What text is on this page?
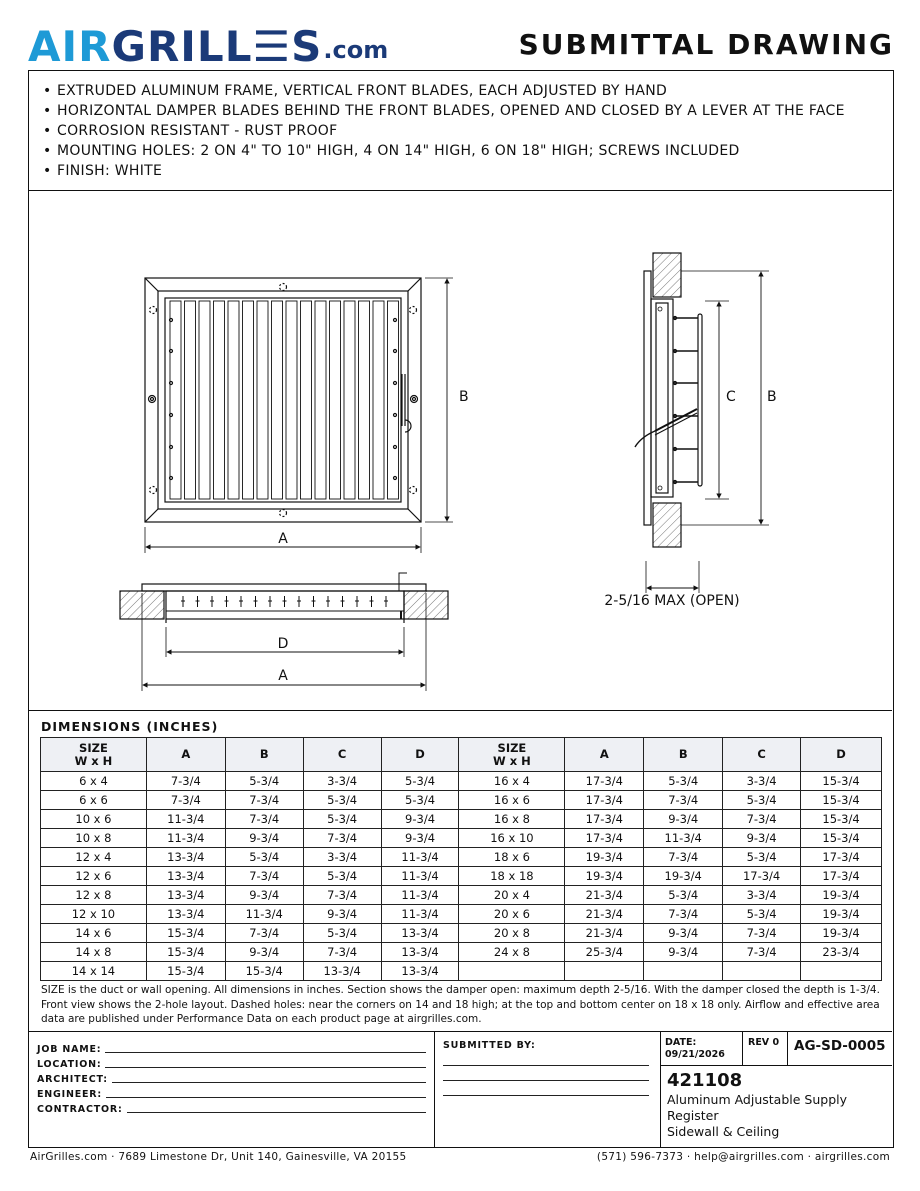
AIRGRILL☰S .com	SUBMITTAL DRAWING
• EXTRUDED ALUMINUM FRAME, VERTICAL FRONT BLADES, EACH ADJUSTED BY HAND
• HORIZONTAL DAMPER BLADES BEHIND THE FRONT BLADES, OPENED AND CLOSED BY A LEVER AT THE FACE
• CORROSION RESISTANT - RUST PROOF
• MOUNTING HOLES: 2 ON 4" TO 10" HIGH, 4 ON 14" HIGH, 6 ON 18" HIGH; SCREWS INCLUDED
• FINISH: WHITE
A
B	C B
2-5/16 MAX (OPEN)
D
A
DIMENSIONS (INCHES)
SIZE
W x H	A	B	C	D	SIZE
W x H	A	B	C	D
6 x 4	7-3/4	5-3/4	3-3/4	5-3/4	16 x 4	17-3/4	5-3/4	3-3/4	15-3/4
6 x 6	7-3/4	7-3/4	5-3/4	5-3/4	16 x 6	17-3/4	7-3/4	5-3/4	15-3/4
10 x 6	11-3/4	7-3/4	5-3/4	9-3/4	16 x 8	17-3/4	9-3/4	7-3/4	15-3/4
10 x 8	11-3/4	9-3/4	7-3/4	9-3/4	16 x 10	17-3/4	11-3/4	9-3/4	15-3/4
12 x 4	13-3/4	5-3/4	3-3/4	11-3/4	18 x 6	19-3/4	7-3/4	5-3/4	17-3/4
12 x 6	13-3/4	7-3/4	5-3/4	11-3/4	18 x 18	19-3/4	19-3/4	17-3/4	17-3/4
12 x 8	13-3/4	9-3/4	7-3/4	11-3/4	20 x 4	21-3/4	5-3/4	3-3/4	19-3/4
12 x 10	13-3/4	11-3/4	9-3/4	11-3/4	20 x 6	21-3/4	7-3/4	5-3/4	19-3/4
14 x 6	15-3/4	7-3/4	5-3/4	13-3/4	20 x 8	21-3/4	9-3/4	7-3/4	19-3/4
14 x 8	15-3/4	9-3/4	7-3/4	13-3/4	24 x 8	25-3/4	9-3/4	7-3/4	23-3/4
14 x 14	15-3/4	15-3/4	13-3/4	13-3/4					
SIZE is the duct or wall opening. All dimensions in inches. Section shows the damper open: maximum depth 2-5/16. With the damper closed the depth is 1-3/4. Front view shows the 2-hole layout. Dashed holes: near the corners on 14 and 18 high; at the top and bottom center on 18 x 18 only. Airflow and effective area data are published under Performance Data on each product page at airgrilles.com.
JOB NAME:
LOCATION:
ARCHITECT:
ENGINEER:
CONTRACTOR:
SUBMITTED BY:	DATE:
09/21/2026
REV 0	AG-SD-0005
421108
Aluminum Adjustable Supply
Register
Sidewall & Ceiling
AirGrilles.com · 7689 Limestone Dr, Unit 140, Gainesville, VA 20155	(571) 596-7373 · help@airgrilles.com · airgrilles.com
